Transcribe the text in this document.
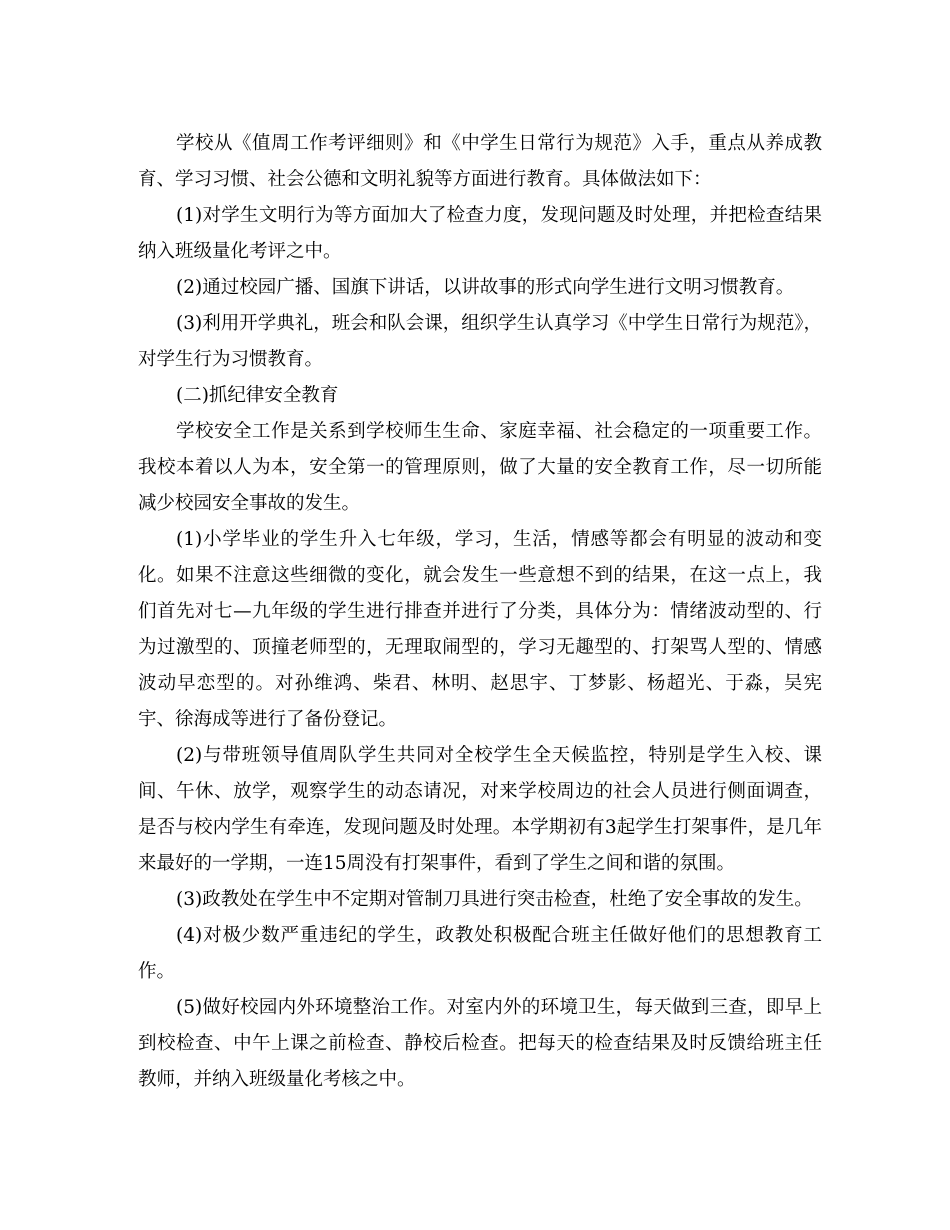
学校从《值周工作考评细则》和《中学生日常行为规范》入手，重点从养成教育、学习习惯、社会公德和文明礼貌等方面进行教育。具体做法如下：

(1)对学生文明行为等方面加大了检查力度，发现问题及时处理，并把检查结果纳入班级量化考评之中。

(2)通过校园广播、国旗下讲话，以讲故事的形式向学生进行文明习惯教育。

(3)利用开学典礼，班会和队会课，组织学生认真学习《中学生日常行为规范》，对学生行为习惯教育。

(二)抓纪律安全教育

学校安全工作是关系到学校师生生命、家庭幸福、社会稳定的一项重要工作。我校本着以人为本，安全第一的管理原则，做了大量的安全教育工作，尽一切所能减少校园安全事故的发生。

(1)小学毕业的学生升入七年级，学习，生活，情感等都会有明显的波动和变化。如果不注意这些细微的变化，就会发生一些意想不到的结果，在这一点上，我们首先对七—九年级的学生进行排查并进行了分类，具体分为：情绪波动型的、行为过激型的、顶撞老师型的，无理取闹型的，学习无趣型的、打架骂人型的、情感波动早恋型的。对孙维鸿、柴君、林明、赵思宇、丁梦影、杨超光、于淼，吴宪宇、徐海成等进行了备份登记。

(2)与带班领导值周队学生共同对全校学生全天候监控，特别是学生入校、课间、午休、放学，观察学生的动态请况，对来学校周边的社会人员进行侧面调查，是否与校内学生有牵连，发现问题及时处理。本学期初有3起学生打架事件，是几年来最好的一学期，一连15周没有打架事件，看到了学生之间和谐的氛围。

(3)政教处在学生中不定期对管制刀具进行突击检查，杜绝了安全事故的发生。

(4)对极少数严重违纪的学生，政教处积极配合班主任做好他们的思想教育工作。

(5)做好校园内外环境整治工作。对室内外的环境卫生，每天做到三查，即早上到校检查、中午上课之前检查、静校后检查。把每天的检查结果及时反馈给班主任教师，并纳入班级量化考核之中。
